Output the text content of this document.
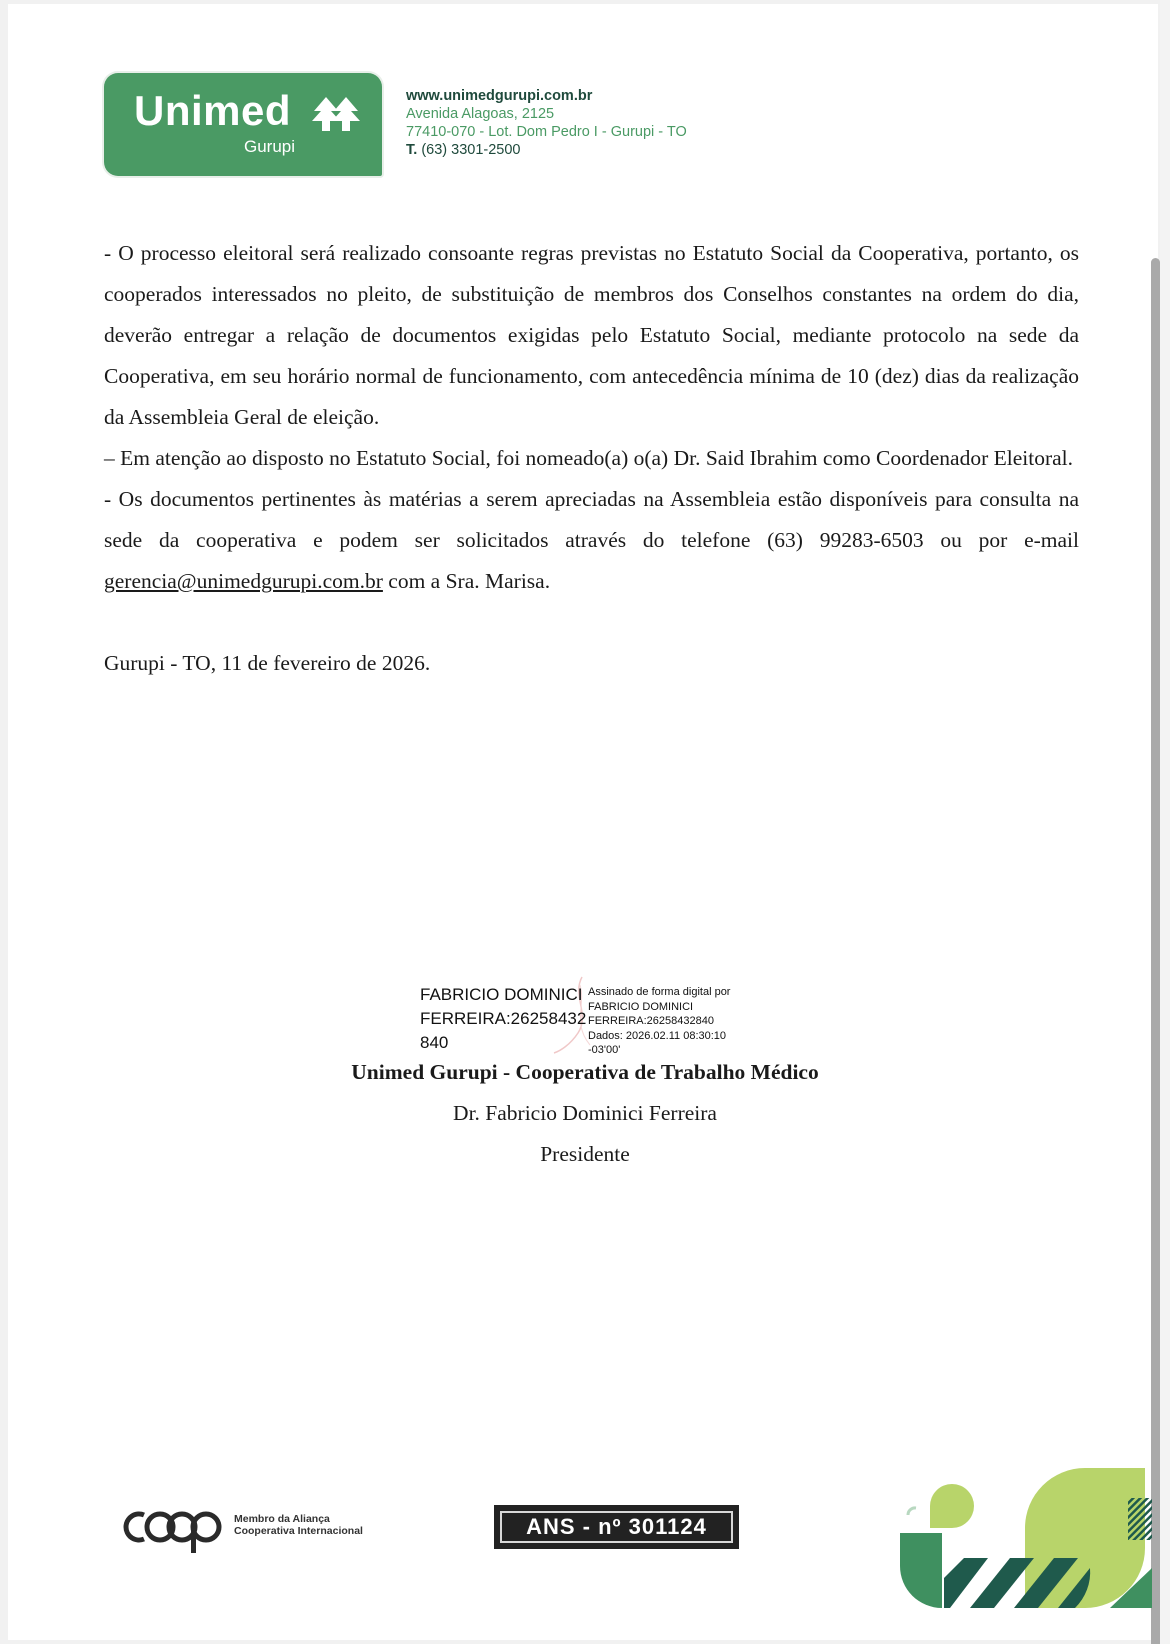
Unimed
Gurupi
www.unimedgurupi.com.br
Avenida Alagoas, 2125
77410-070 - Lot. Dom Pedro I - Gurupi - TO
T. (63) 3301-2500

- O processo eleitoral será realizado consoante regras previstas no Estatuto Social da Cooperativa, portanto, os cooperados interessados no pleito, de substituição de membros dos Conselhos constantes na ordem do dia, deverão entregar a relação de documentos exigidas pelo Estatuto Social, mediante protocolo na sede da Cooperativa, em seu horário normal de funcionamento, com antecedência mínima de 10 (dez) dias da realização da Assembleia Geral de eleição.

– Em atenção ao disposto no Estatuto Social, foi nomeado(a) o(a) Dr. Said Ibrahim como Coordenador Eleitoral.

- Os documentos pertinentes às matérias a serem apreciadas na Assembleia estão disponíveis para consulta na sede da cooperativa e podem ser solicitados através do telefone (63) 99283-6503 ou por e-mail gerencia@unimedgurupi.com.br com a Sra. Marisa.

Gurupi - TO, 11 de fevereiro de 2026.

FABRICIO DOMINICI
FERREIRA:26258432
840
Assinado de forma digital por
FABRICIO DOMINICI
FERREIRA:26258432840
Dados: 2026.02.11 08:30:10
-03'00'
Unimed Gurupi - Cooperativa de Trabalho Médico
Dr. Fabricio Dominici Ferreira
Presidente
Membro da Aliança
Cooperativa Internacional	ANS - nº 301124
